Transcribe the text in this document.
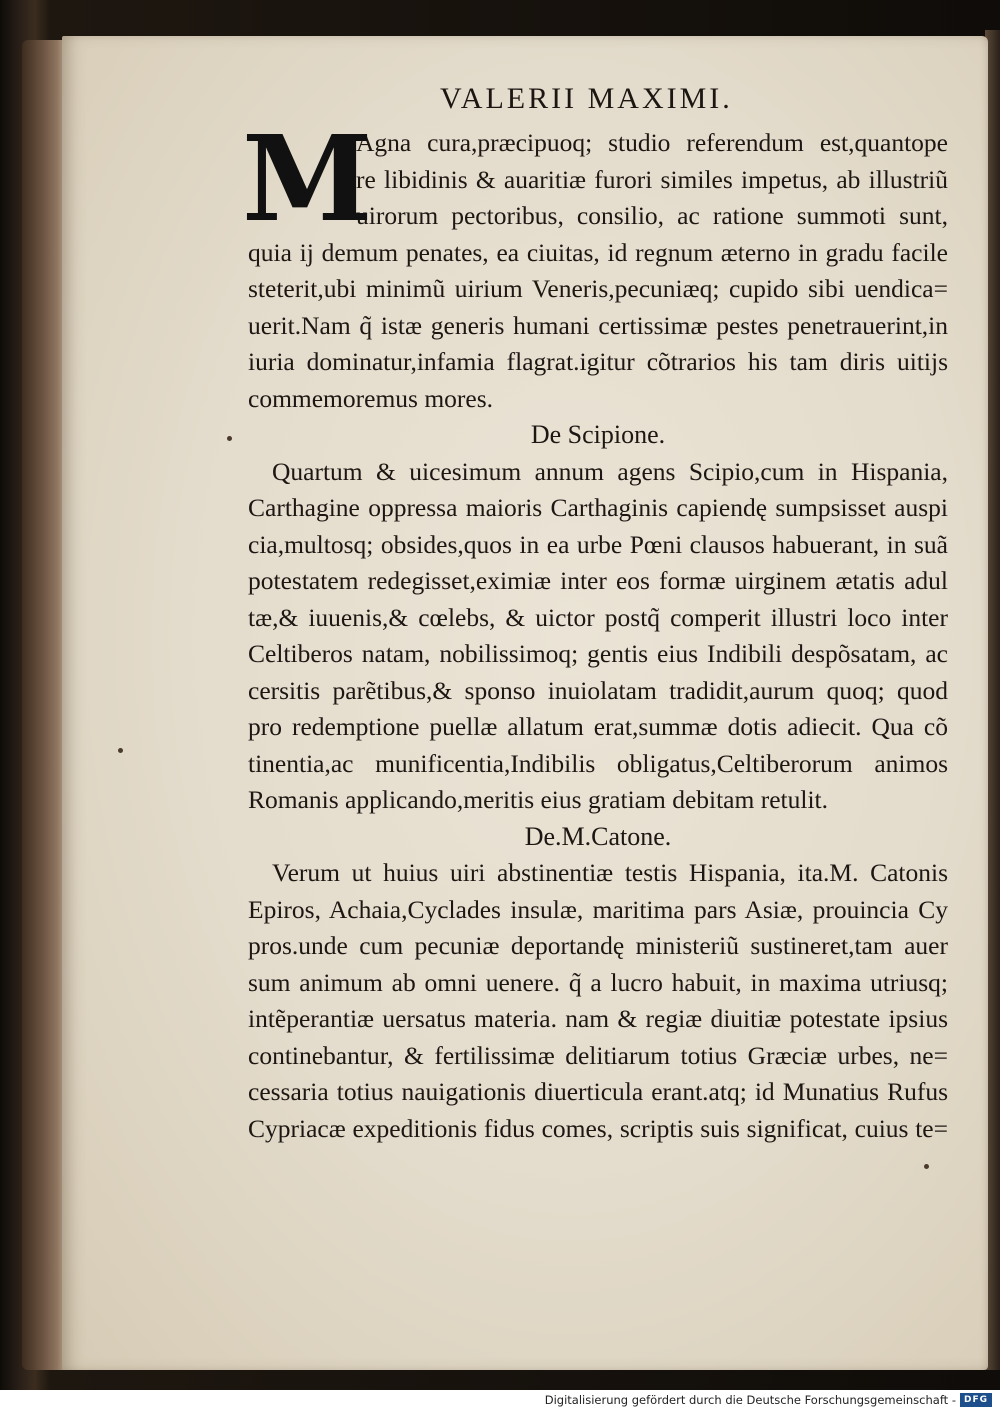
VALERII MAXIMI.
M
Agna cura,præcipuoq; studio referendum est,quantope
re libidinis & auaritiæ furori similes impetus, ab illustriũ
uirorum pectoribus, consilio, ac ratione summoti sunt,
quia ij demum penates, ea ciuitas, id regnum æterno in gradu facile
steterit,ubi minimũ uirium Veneris,pecuniæq; cupido sibi uendica=
uerit.Nam q̃ istæ generis humani certissimæ pestes penetrauerint,in
iuria dominatur,infamia flagrat.igitur cõtrarios his tam diris uitijs
commemoremus mores.
De Scipione.
Quartum & uicesimum annum agens Scipio,cum in Hispania,
Carthagine oppressa maioris Carthaginis capiendę sumpsisset auspi
cia,multosq; obsides,quos in ea urbe Pœni clausos habuerant, in suã
potestatem redegisset,eximiæ inter eos formæ uirginem ætatis adul
tæ,& iuuenis,& cœlebs, & uictor postq̃ comperit illustri loco inter
Celtiberos natam, nobilissimoq; gentis eius Indibili despõsatam, ac
cersitis parẽtibus,& sponso inuiolatam tradidit,aurum quoq; quod
pro redemptione puellæ allatum erat,summæ dotis adiecit. Qua cõ
tinentia,ac munificentia,Indibilis obligatus,Celtiberorum animos
Romanis applicando,meritis eius gratiam debitam retulit.
De.M.Catone.
Verum ut huius uiri abstinentiæ testis Hispania, ita.M. Catonis
Epiros, Achaia,Cyclades insulæ, maritima pars Asiæ, prouincia Cy
pros.unde cum pecuniæ deportandę ministeriũ sustineret,tam auer
sum animum ab omni uenere. q̃ a lucro habuit, in maxima utriusq;
intẽperantiæ uersatus materia. nam & regiæ diuitiæ potestate ipsius
continebantur, & fertilissimæ delitiarum totius Græciæ urbes, ne=
cessaria totius nauigationis diuerticula erant.atq; id Munatius Rufus
Cypriacæ expeditionis fidus comes, scriptis suis significat, cuius te=
Digitalisierung gefördert durch die Deutsche Forschungsgemeinschaft - DFG
